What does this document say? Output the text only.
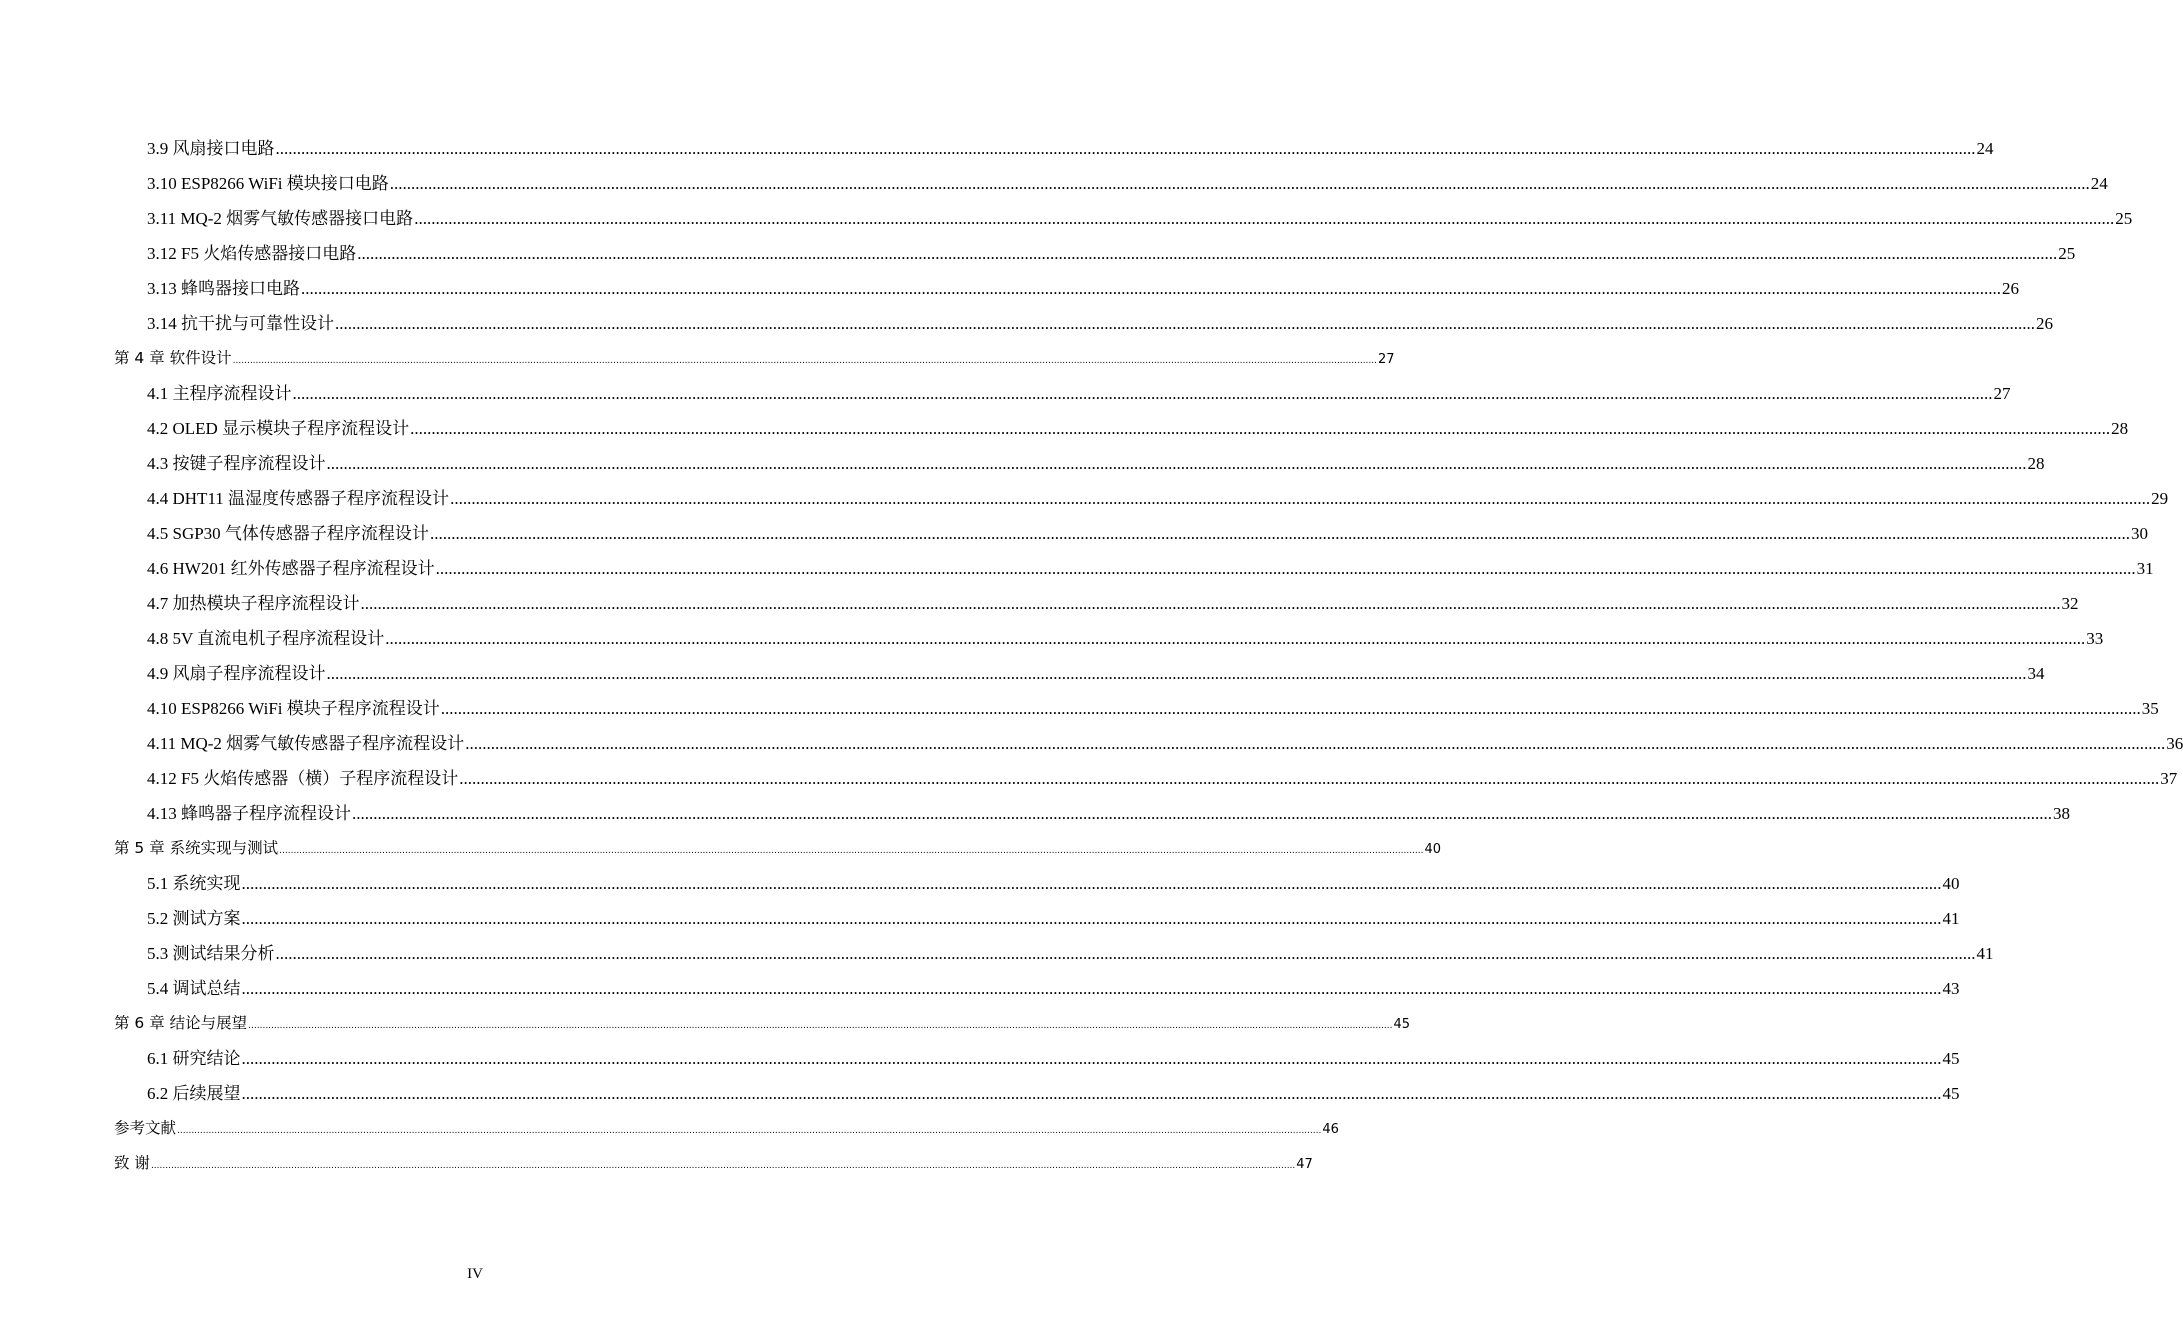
3.9 风扇接口电路 ................................................................................................................................................................................................................................................................................................................................................................................................................ 24
3.10 ESP8266 WiFi 模块接口电路 ................................................................................................................................................................................................................................................................................................................................................................................................................ 24
3.11 MQ-2 烟雾气敏传感器接口电路 ................................................................................................................................................................................................................................................................................................................................................................................................................ 25
3.12 F5 火焰传感器接口电路 ................................................................................................................................................................................................................................................................................................................................................................................................................ 25
3.13 蜂鸣器接口电路 ................................................................................................................................................................................................................................................................................................................................................................................................................ 26
3.14 抗干扰与可靠性设计 ................................................................................................................................................................................................................................................................................................................................................................................................................ 26
第 4 章 软件设计 ................................................................................................................................................................................................................................................................................................................................................................................................................ 27
4.1 主程序流程设计 ................................................................................................................................................................................................................................................................................................................................................................................................................ 27
4.2 OLED 显示模块子程序流程设计 ................................................................................................................................................................................................................................................................................................................................................................................................................ 28
4.3 按键子程序流程设计 ................................................................................................................................................................................................................................................................................................................................................................................................................ 28
4.4 DHT11 温湿度传感器子程序流程设计 ................................................................................................................................................................................................................................................................................................................................................................................................................ 29
4.5 SGP30 气体传感器子程序流程设计 ................................................................................................................................................................................................................................................................................................................................................................................................................ 30
4.6 HW201 红外传感器子程序流程设计 ................................................................................................................................................................................................................................................................................................................................................................................................................ 31
4.7 加热模块子程序流程设计 ................................................................................................................................................................................................................................................................................................................................................................................................................ 32
4.8 5V 直流电机子程序流程设计 ................................................................................................................................................................................................................................................................................................................................................................................................................ 33
4.9 风扇子程序流程设计 ................................................................................................................................................................................................................................................................................................................................................................................................................ 34
4.10 ESP8266 WiFi 模块子程序流程设计 ................................................................................................................................................................................................................................................................................................................................................................................................................ 35
4.11 MQ-2 烟雾气敏传感器子程序流程设计 ................................................................................................................................................................................................................................................................................................................................................................................................................ 36
4.12 F5 火焰传感器（横）子程序流程设计 ................................................................................................................................................................................................................................................................................................................................................................................................................ 37
4.13 蜂鸣器子程序流程设计 ................................................................................................................................................................................................................................................................................................................................................................................................................ 38
第 5 章 系统实现与测试 ................................................................................................................................................................................................................................................................................................................................................................................................................ 40
5.1 系统实现 ................................................................................................................................................................................................................................................................................................................................................................................................................ 40
5.2 测试方案 ................................................................................................................................................................................................................................................................................................................................................................................................................ 41
5.3 测试结果分析 ................................................................................................................................................................................................................................................................................................................................................................................................................ 41
5.4 调试总结 ................................................................................................................................................................................................................................................................................................................................................................................................................ 43
第 6 章 结论与展望 ................................................................................................................................................................................................................................................................................................................................................................................................................ 45
6.1 研究结论 ................................................................................................................................................................................................................................................................................................................................................................................................................ 45
6.2 后续展望 ................................................................................................................................................................................................................................................................................................................................................................................................................ 45
参考文献 ................................................................................................................................................................................................................................................................................................................................................................................................................ 46
致 谢 ................................................................................................................................................................................................................................................................................................................................................................................................................ 47
IV
